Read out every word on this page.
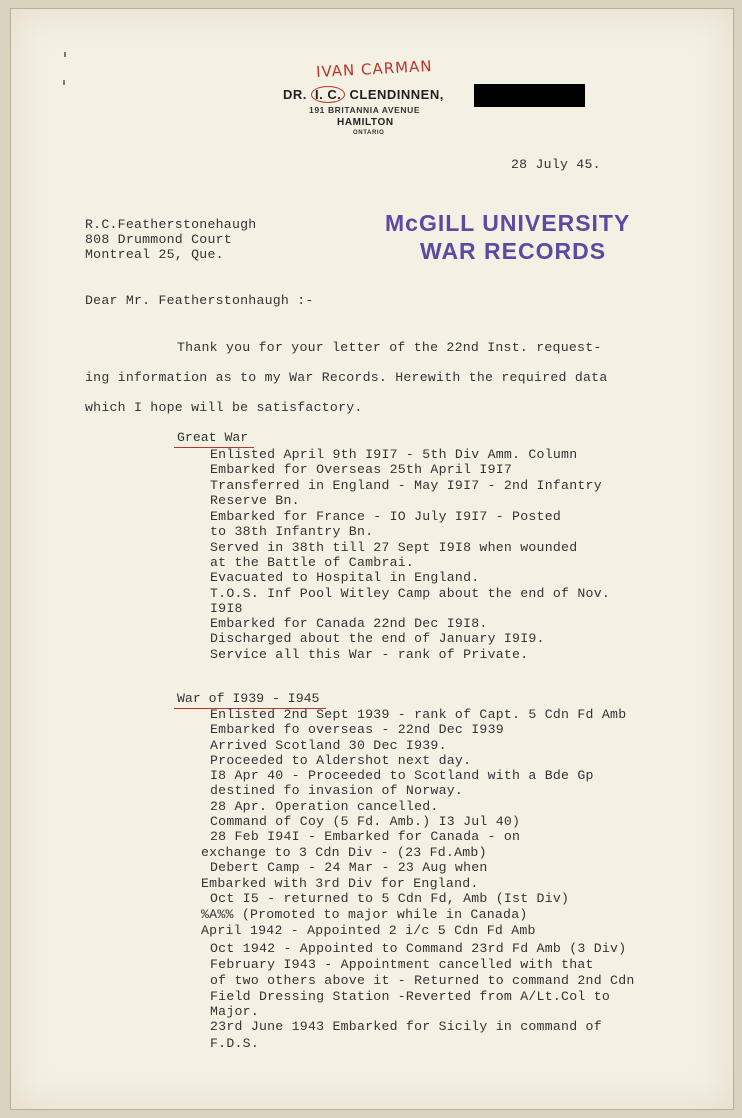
IVAN CARMAN
DR. I. C. CLENDINNEN,
191 BRITANNIA AVENUE
HAMILTON
ONTARIO
28 July 45.
R.C.Featherstonehaugh
808 Drummond Court
Montreal 25, Que.
McGILL UNIVERSITY
WAR RECORDS
Dear Mr. Featherstonhaugh :-
Thank you for your letter of the 22nd Inst. request-
ing information as to my War Records. Herewith the required data
which I hope will be satisfactory.
Great War
Enlisted April 9th I9I7 - 5th Div Amm. Column
Embarked for Overseas 25th April I9I7
Transferred in England - May I9I7 - 2nd Infantry
Reserve Bn.
Embarked for France - IO July I9I7 - Posted
to 38th Infantry Bn.
Served in 38th till 27 Sept I9I8 when wounded
at the Battle of Cambrai.
Evacuated to Hospital in England.
T.O.S. Inf Pool Witley Camp about the end of Nov.
I9I8
Embarked for Canada 22nd Dec I9I8.
Discharged about the end of January I9I9.
Service all this War - rank of Private.
War of I939 - I945
Enlisted 2nd Sept 1939 - rank of Capt. 5 Cdn Fd Amb
Embarked fo overseas - 22nd Dec I939
Arrived Scotland 30 Dec I939.
Proceeded to Aldershot next day.
I8 Apr 40 - Proceeded to Scotland with a Bde Gp
destined fo invasion of Norway.
28 Apr. Operation cancelled.
Command of Coy (5 Fd. Amb.) I3 Jul 40)
28 Feb I94I - Embarked for Canada - on
exchange to 3 Cdn Div - (23 Fd.Amb)
Debert Camp - 24 Mar - 23 Aug when
Embarked with 3rd Div for England.
Oct I5 - returned to 5 Cdn Fd, Amb (Ist Div)
%A%% (Promoted to major while in Canada)
April 1942 - Appointed 2 i/c 5 Cdn Fd Amb
Oct 1942 - Appointed to Command 23rd Fd Amb (3 Div)
February I943 - Appointment cancelled with that
of two others above it - Returned to command 2nd Cdn
Field Dressing Station -Reverted from A/Lt.Col to
Major.
23rd June 1943 Embarked for Sicily in command of
F.D.S.
